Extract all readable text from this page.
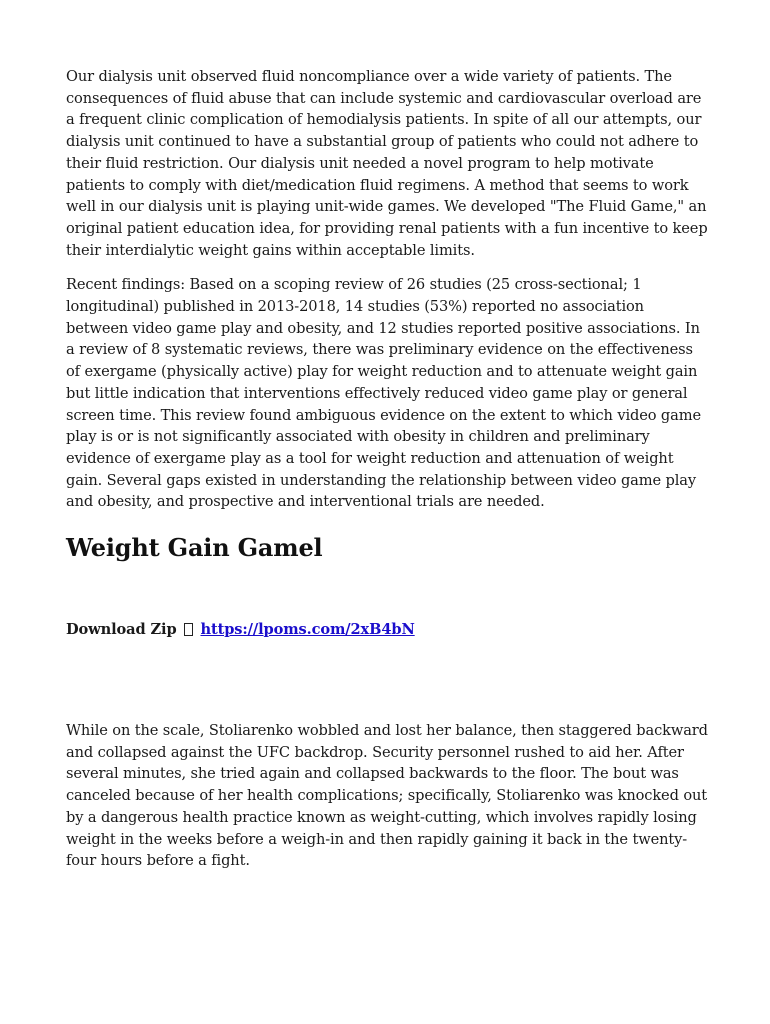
Our dialysis unit observed fluid noncompliance over a wide variety of patients. The consequences of fluid abuse that can include systemic and cardiovascular overload are a frequent clinic complication of hemodialysis patients. In spite of all our attempts, our dialysis unit continued to have a substantial group of patients who could not adhere to their fluid restriction. Our dialysis unit needed a novel program to help motivate patients to comply with diet/medication fluid regimens. A method that seems to work well in our dialysis unit is playing unit-wide games. We developed "The Fluid Game," an original patient education idea, for providing renal patients with a fun incentive to keep their interdialytic weight gains within acceptable limits.

Recent findings: Based on a scoping review of 26 studies (25 cross-sectional; 1 longitudinal) published in 2013-2018, 14 studies (53%) reported no association between video game play and obesity, and 12 studies reported positive associations. In a review of 8 systematic reviews, there was preliminary evidence on the effectiveness of exergame (physically active) play for weight reduction and to attenuate weight gain but little indication that interventions effectively reduced video game play or general screen time. This review found ambiguous evidence on the extent to which video game play is or is not significantly associated with obesity in children and preliminary evidence of exergame play as a tool for weight reduction and attenuation of weight gain. Several gaps existed in understanding the relationship between video game play and obesity, and prospective and interventional trials are needed.

Weight Gain Gamel
Download Zip https://lpoms.com/2xB4bN

While on the scale, Stoliarenko wobbled and lost her balance, then staggered backward and collapsed against the UFC backdrop. Security personnel rushed to aid her. After several minutes, she tried again and collapsed backwards to the floor. The bout was canceled because of her health complications; specifically, Stoliarenko was knocked out by a dangerous health practice known as weight-cutting, which involves rapidly losing weight in the weeks before a weigh-in and then rapidly gaining it back in the twenty-four hours before a fight.
